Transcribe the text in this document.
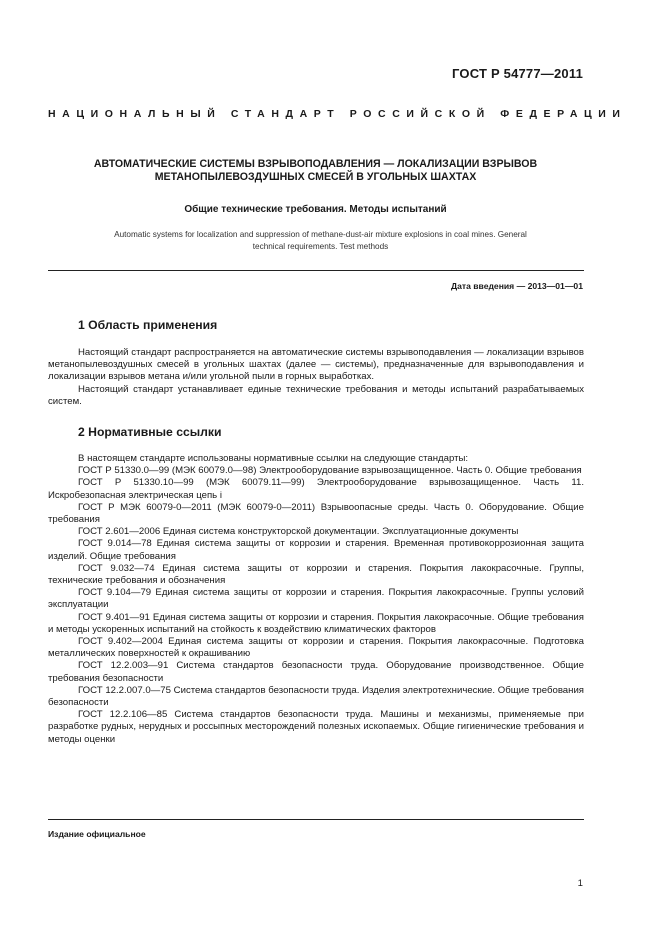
ГОСТ Р 54777—2011
НАЦИОНАЛЬНЫЙ СТАНДАРТ РОССИЙСКОЙ ФЕДЕРАЦИИ
АВТОМАТИЧЕСКИЕ СИСТЕМЫ ВЗРЫВОПОДАВЛЕНИЯ — ЛОКАЛИЗАЦИИ ВЗРЫВОВ
МЕТАНОПЫЛЕВОЗДУШНЫХ СМЕСЕЙ В УГОЛЬНЫХ ШАХТАХ
Общие технические требования. Методы испытаний
Automatic systems for localization and suppression of methane-dust-air mixture explosions in coal mines. General
technical requirements. Test methods
Дата введения — 2013—01—01
1 Область применения

Настоящий стандарт распространяется на автоматические системы взрывоподавления — локализации взрывов метанопылевоздушных смесей в угольных шахтах (далее — системы), предназначенные для взрывоподавления и локализации взрывов метана и/или угольной пыли в горных выработках.

Настоящий стандарт устанавливает единые технические требования и методы испытаний разрабатываемых систем.

2 Нормативные ссылки

В настоящем стандарте использованы нормативные ссылки на следующие стандарты:

ГОСТ Р 51330.0—99 (МЭК 60079.0—98) Электрооборудование взрывозащищенное. Часть 0. Общие требования

ГОСТ Р 51330.10—99 (МЭК 60079.11—99) Электрооборудование взрывозащищенное. Часть 11. Искробезопасная электрическая цепь i

ГОСТ Р МЭК 60079-0—2011 (МЭК 60079-0—2011) Взрывоопасные среды. Часть 0. Оборудование. Общие требования

ГОСТ 2.601—2006 Единая система конструкторской документации. Эксплуатационные документы

ГОСТ 9.014—78 Единая система защиты от коррозии и старения. Временная противокоррозионная защита изделий. Общие требования

ГОСТ 9.032—74 Единая система защиты от коррозии и старения. Покрытия лакокрасочные. Группы, технические требования и обозначения

ГОСТ 9.104—79 Единая система защиты от коррозии и старения. Покрытия лакокрасочные. Группы условий эксплуатации

ГОСТ 9.401—91 Единая система защиты от коррозии и старения. Покрытия лакокрасочные. Общие требования и методы ускоренных испытаний на стойкость к воздействию климатических факторов

ГОСТ 9.402—2004 Единая система защиты от коррозии и старения. Покрытия лакокрасочные. Подготовка металлических поверхностей к окрашиванию

ГОСТ 12.2.003—91 Система стандартов безопасности труда. Оборудование производственное. Общие требования безопасности

ГОСТ 12.2.007.0—75 Система стандартов безопасности труда. Изделия электротехнические. Общие требования безопасности

ГОСТ 12.2.106—85 Система стандартов безопасности труда. Машины и механизмы, применяемые при разработке рудных, нерудных и россыпных месторождений полезных ископаемых. Общие гигиенические требования и методы оценки

Издание официальное
1
